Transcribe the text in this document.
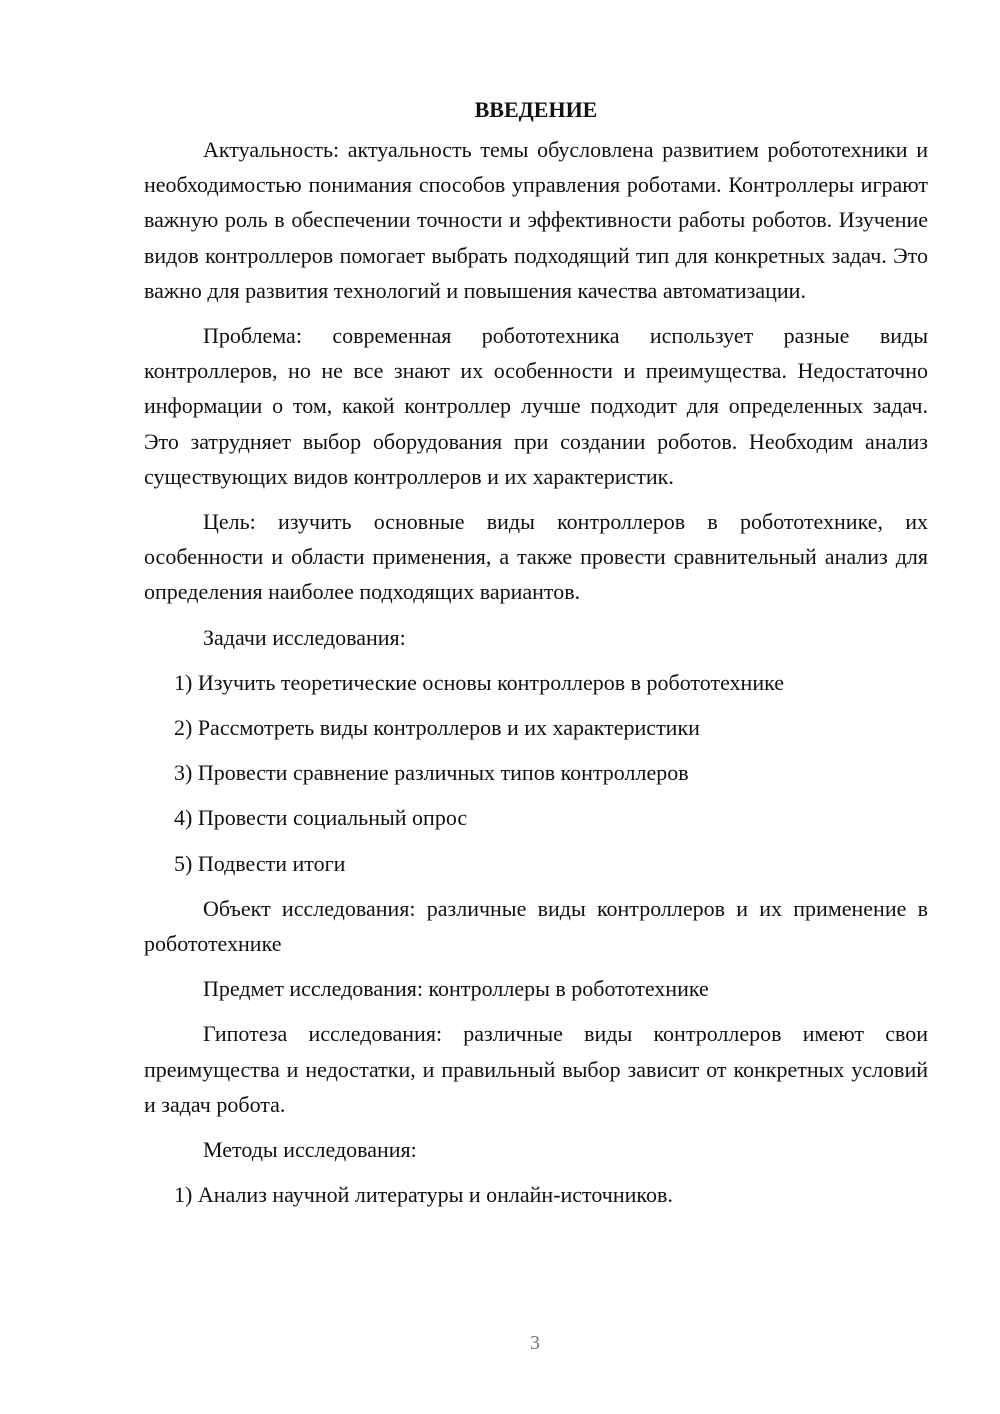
ВВЕДЕНИЕ

Актуальность: актуальность темы обусловлена развитием робототехники и необходимостью понимания способов управления роботами. Контроллеры играют важную роль в обеспечении точности и эффективности работы роботов. Изучение видов контроллеров помогает выбрать подходящий тип для конкретных задач. Это важно для развития технологий и повышения качества автоматизации.

Проблема: современная робототехника использует разные виды контроллеров, но не все знают их особенности и преимущества. Недостаточно информации о том, какой контроллер лучше подходит для определенных задач. Это затрудняет выбор оборудования при создании роботов. Необходим анализ существующих видов контроллеров и их характеристик.

Цель: изучить основные виды контроллеров в робототехнике, их особенности и области применения, а также провести сравнительный анализ для определения наиболее подходящих вариантов.

Задачи исследования:

1) Изучить теоретические основы контроллеров в робототехнике
2) Рассмотреть виды контроллеров и их характеристики
3) Провести сравнение различных типов контроллеров
4) Провести социальный опрос
5) Подвести итоги

Объект исследования: различные виды контроллеров и их применение в робототехнике

Предмет исследования: контроллеры в робототехнике

Гипотеза исследования: различные виды контроллеров имеют свои преимущества и недостатки, и правильный выбор зависит от конкретных условий и задач робота.

Методы исследования:

1) Анализ научной литературы и онлайн-источников.
3
